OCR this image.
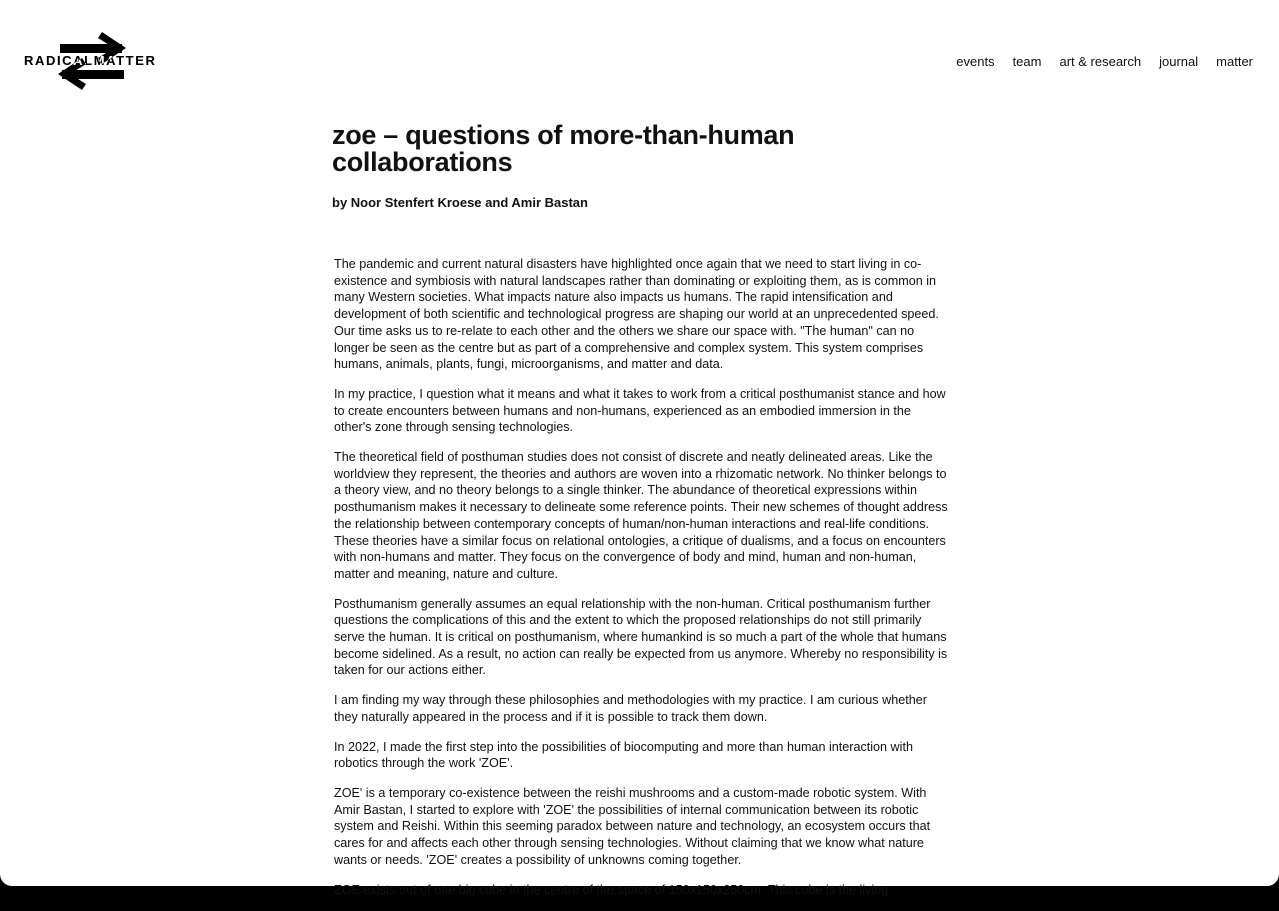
RADICALMATTER	events team art & research journal matter
zoe – questions of more-than-human collaborations

by Noor Stenfert Kroese and Amir Bastan

The pandemic and current natural disasters have highlighted once again that we need to start living in co-existence and symbiosis with natural landscapes rather than dominating or exploiting them, as is common in many Western societies. What impacts nature also impacts us humans. The rapid intensification and development of both scientific and technological progress are shaping our world at an unprecedented speed. Our time asks us to re-relate to each other and the others we share our space with. "The human" can no longer be seen as the centre but as part of a comprehensive and complex system. This system comprises humans, animals, plants, fungi, microorganisms, and matter and data.

In my practice, I question what it means and what it takes to work from a critical posthumanist stance and how to create encounters between humans and non-humans, experienced as an embodied immersion in the other's zone through sensing technologies.

The theoretical field of posthuman studies does not consist of discrete and neatly delineated areas. Like the worldview they represent, the theories and authors are woven into a rhizomatic network. No thinker belongs to a theory view, and no theory belongs to a single thinker. The abundance of theoretical expressions within posthumanism makes it necessary to delineate some reference points. Their new schemes of thought address the relationship between contemporary concepts of human/non-human interactions and real-life conditions. These theories have a similar focus on relational ontologies, a critique of dualisms, and a focus on encounters with non-humans and matter. They focus on the convergence of body and mind, human and non-human, matter and meaning, nature and culture.

Posthumanism generally assumes an equal relationship with the non-human. Critical posthumanism further questions the complications of this and the extent to which the proposed relationships do not still primarily serve the human. It is critical on posthumanism, where humankind is so much a part of the whole that humans become sidelined. As a result, no action can really be expected from us anymore. Whereby no responsibility is taken for our actions either.

I am finding my way through these philosophies and methodologies with my practice. I am curious whether they naturally appeared in the process and if it is possible to track them down.

In 2022, I made the first step into the possibilities of biocomputing and more than human interaction with robotics through the work 'ZOE'.

ZOE' is a temporary co-existence between the reishi mushrooms and a custom-made robotic system. With Amir Bastan, I started to explore with 'ZOE' the possibilities of internal communication between its robotic system and Reishi. Within this seeming paradox between nature and technology, an ecosystem occurs that cares for and affects each other through sensing technologies. Without claiming that we know what nature wants or needs. 'ZOE' creates a possibility of unknowns coming together.

ZOE exists out of one big cube in the centre of the space of 150x150x250cm. This cube is the living
